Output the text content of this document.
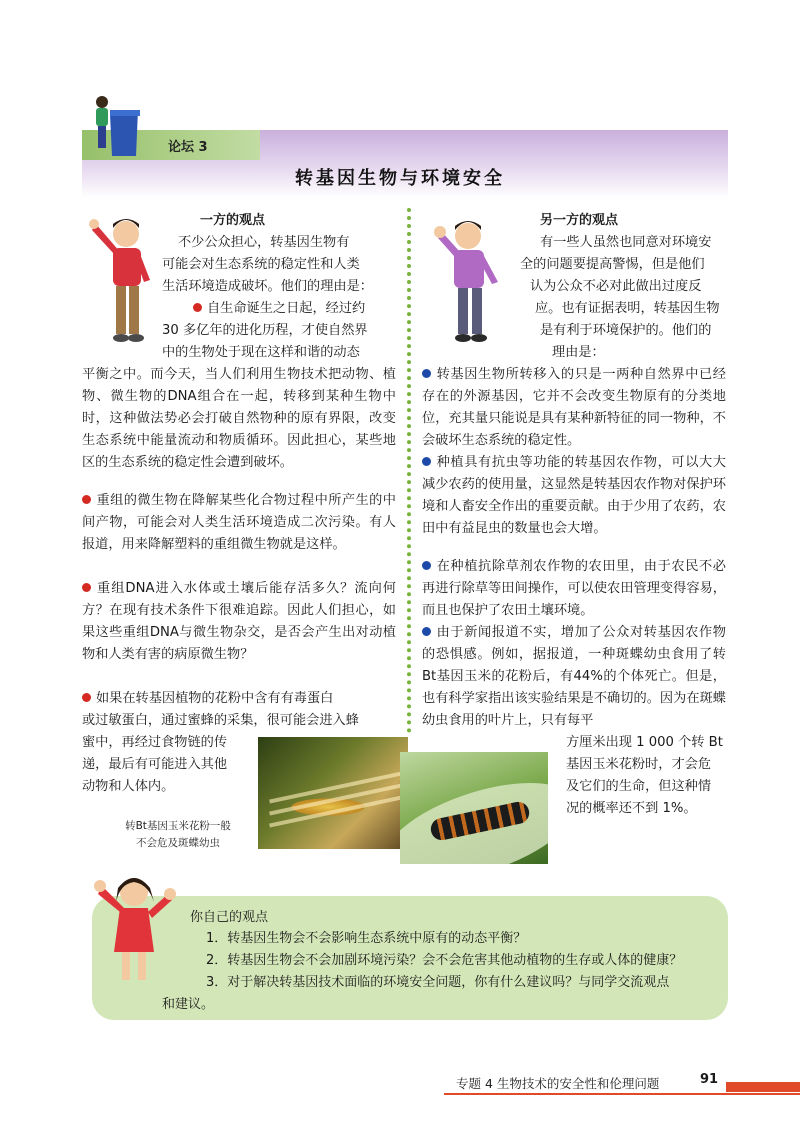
论坛 3
转基因生物与环境安全
一方的观点
不少公众担心，转基因生物有
可能会对生态系统的稳定性和人类
生活环境造成破坏。他们的理由是：
自生命诞生之日起，经过约
30 多亿年的进化历程，才使自然界
中的生物处于现在这样和谐的动态
平衡之中。而今天，当人们利用生物技术把动物、植物、微生物的DNA组合在一起，转移到某种生物中时，这种做法势必会打破自然物种的原有界限，改变生态系统中能量流动和物质循环。因此担心，某些地区的生态系统的稳定性会遭到破坏。
重组的微生物在降解某些化合物过程中所产生的中间产物，可能会对人类生活环境造成二次污染。有人报道，用来降解塑料的重组微生物就是这样。
重组DNA进入水体或土壤后能存活多久？流向何方？在现有技术条件下很难追踪。因此人们担心，如果这些重组DNA与微生物杂交，是否会产生出对动植物和人类有害的病原微生物？
如果在转基因植物的花粉中含有有毒蛋白
或过敏蛋白，通过蜜蜂的采集，很可能会进入蜂
蜜中，再经过食物链的传
递，最后有可能进入其他
动物和人体内。
另一方的观点
有一些人虽然也同意对环境安
全的问题要提高警惕，但是他们
认为公众不必对此做出过度反
应。也有证据表明，转基因生物
是有利于环境保护的。他们的
理由是：
转基因生物所转移入的只是一两种自然界中已经存在的外源基因，它并不会改变生物原有的分类地位，充其量只能说是具有某种新特征的同一物种，不会破坏生态系统的稳定性。
种植具有抗虫等功能的转基因农作物，可以大大减少农药的使用量，这显然是转基因农作物对保护环境和人畜安全作出的重要贡献。由于少用了农药，农田中有益昆虫的数量也会大增。
在种植抗除草剂农作物的农田里，由于农民不必再进行除草等田间操作，可以使农田管理变得容易，而且也保护了农田土壤环境。
由于新闻报道不实，增加了公众对转基因农作物的恐惧感。例如，据报道，一种斑蝶幼虫食用了转Bt基因玉米的花粉后，有44%的个体死亡。但是，也有科学家指出该实验结果是不确切的。因为在斑蝶幼虫食用的叶片上，只有每平
方厘米出现 1 000 个转 Bt
基因玉米花粉时，才会危
及它们的生命，但这种情
况的概率还不到 1%。
转Bt基因玉米花粉一般
不会危及斑蝶幼虫
你自己的观点
1．转基因生物会不会影响生态系统中原有的动态平衡？
2．转基因生物会不会加剧环境污染？会不会危害其他动植物的生存或人体的健康？
3．对于解决转基因技术面临的环境安全问题，你有什么建议吗？与同学交流观点
和建议。
专题 4 生物技术的安全性和伦理问题	91
